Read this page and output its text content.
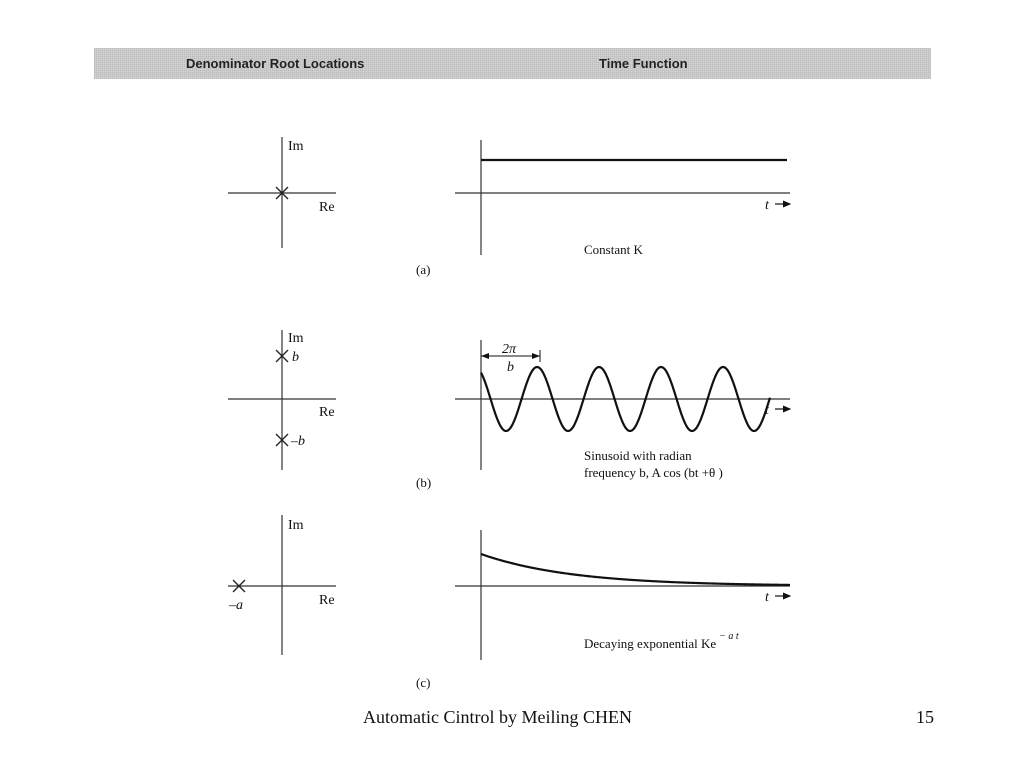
Denominator Root Locations	Time Function
Im
Re	t
Constant K
(a)
Im
b
–b
Re
2π
b
t
Sinusoid with radian
frequency b, A cos (bt +θ )
(b)
Im
–a	Re	t
Decaying exponential Ke $^{- a t}$
(c)
Automatic Cintrol by Meiling CHEN	15
